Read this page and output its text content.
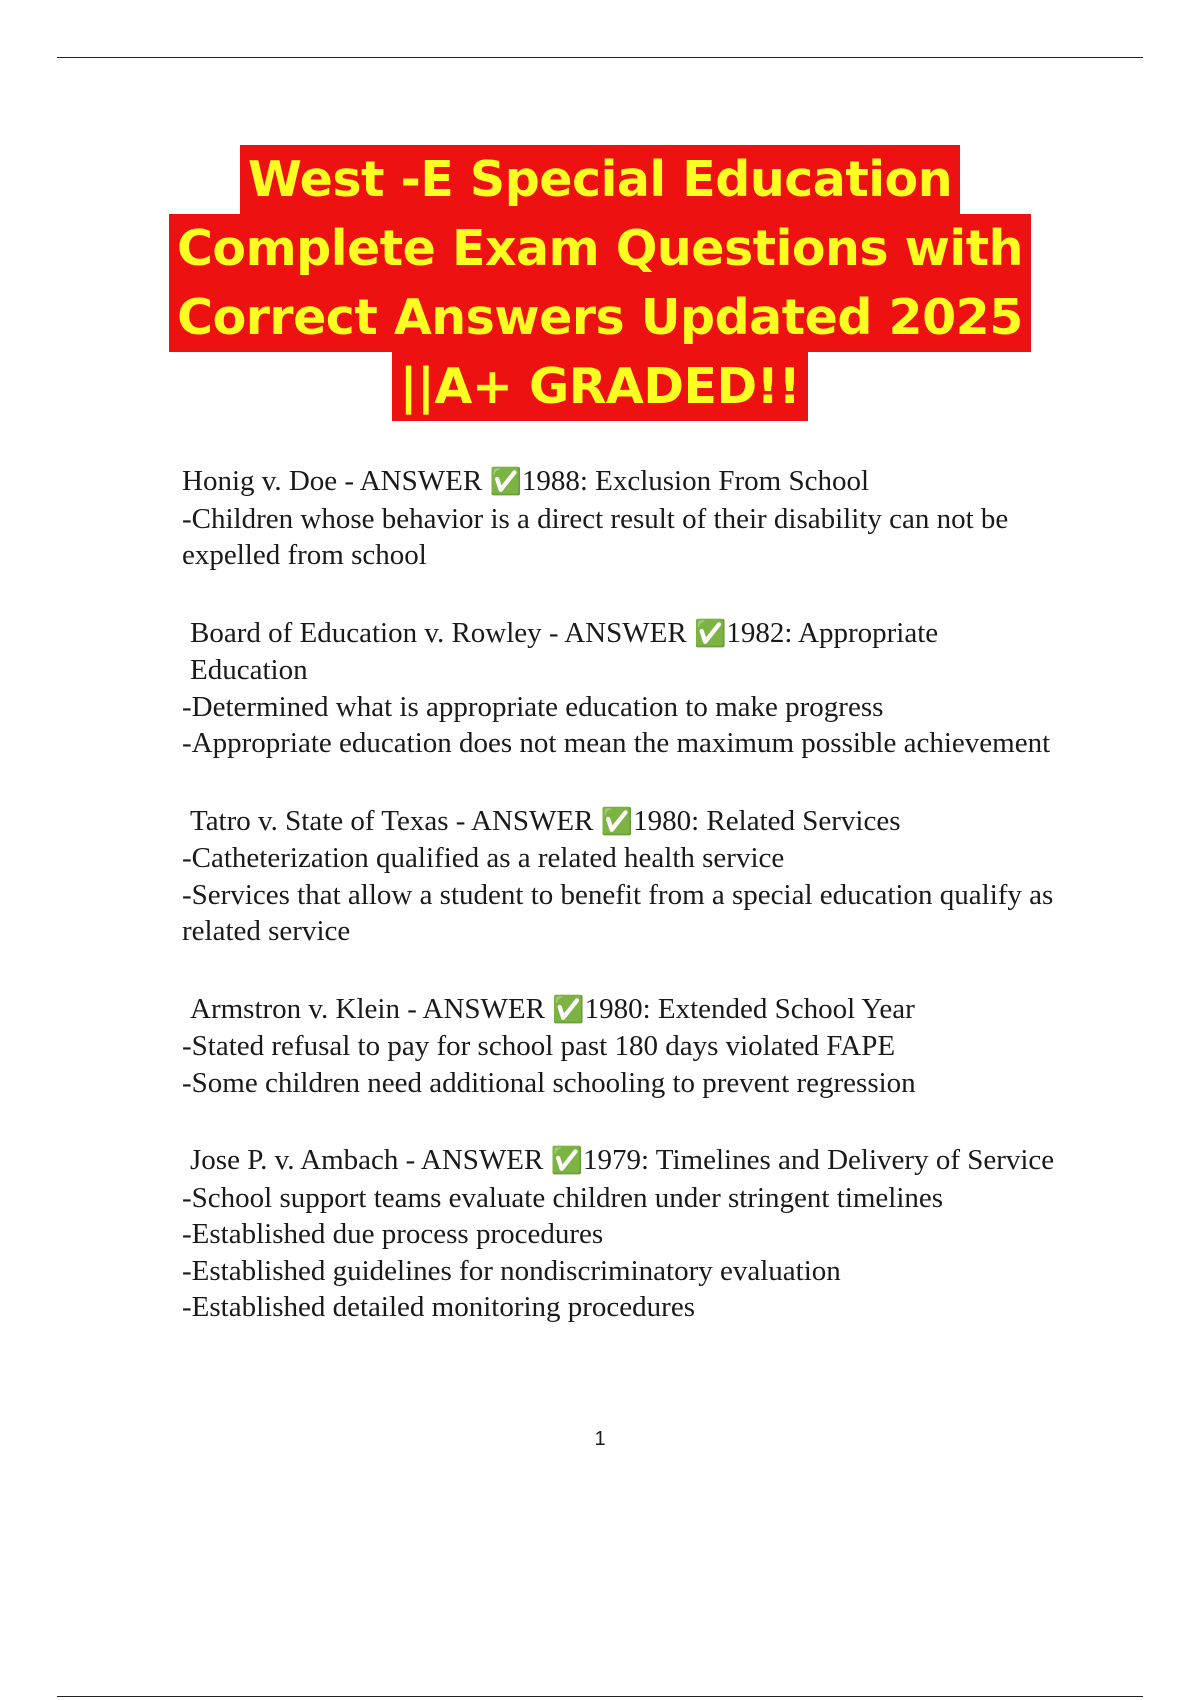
West -E Special Education
Complete Exam Questions with
Correct Answers Updated 2025
||A+ GRADED!!
Honig v. Doe - ANSWER ✅1988: Exclusion From School
-Children whose behavior is a direct result of their disability can not be expelled from school
Board of Education v. Rowley - ANSWER ✅1982: Appropriate Education
-Determined what is appropriate education to make progress
-Appropriate education does not mean the maximum possible achievement
Tatro v. State of Texas - ANSWER ✅1980: Related Services
-Catheterization qualified as a related health service
-Services that allow a student to benefit from a special education qualify as related service
Armstron v. Klein - ANSWER ✅1980: Extended School Year
-Stated refusal to pay for school past 180 days violated FAPE
-Some children need additional schooling to prevent regression
Jose P. v. Ambach - ANSWER ✅1979: Timelines and Delivery of Service
-School support teams evaluate children under stringent timelines
-Established due process procedures
-Established guidelines for nondiscriminatory evaluation
-Established detailed monitoring procedures
1
